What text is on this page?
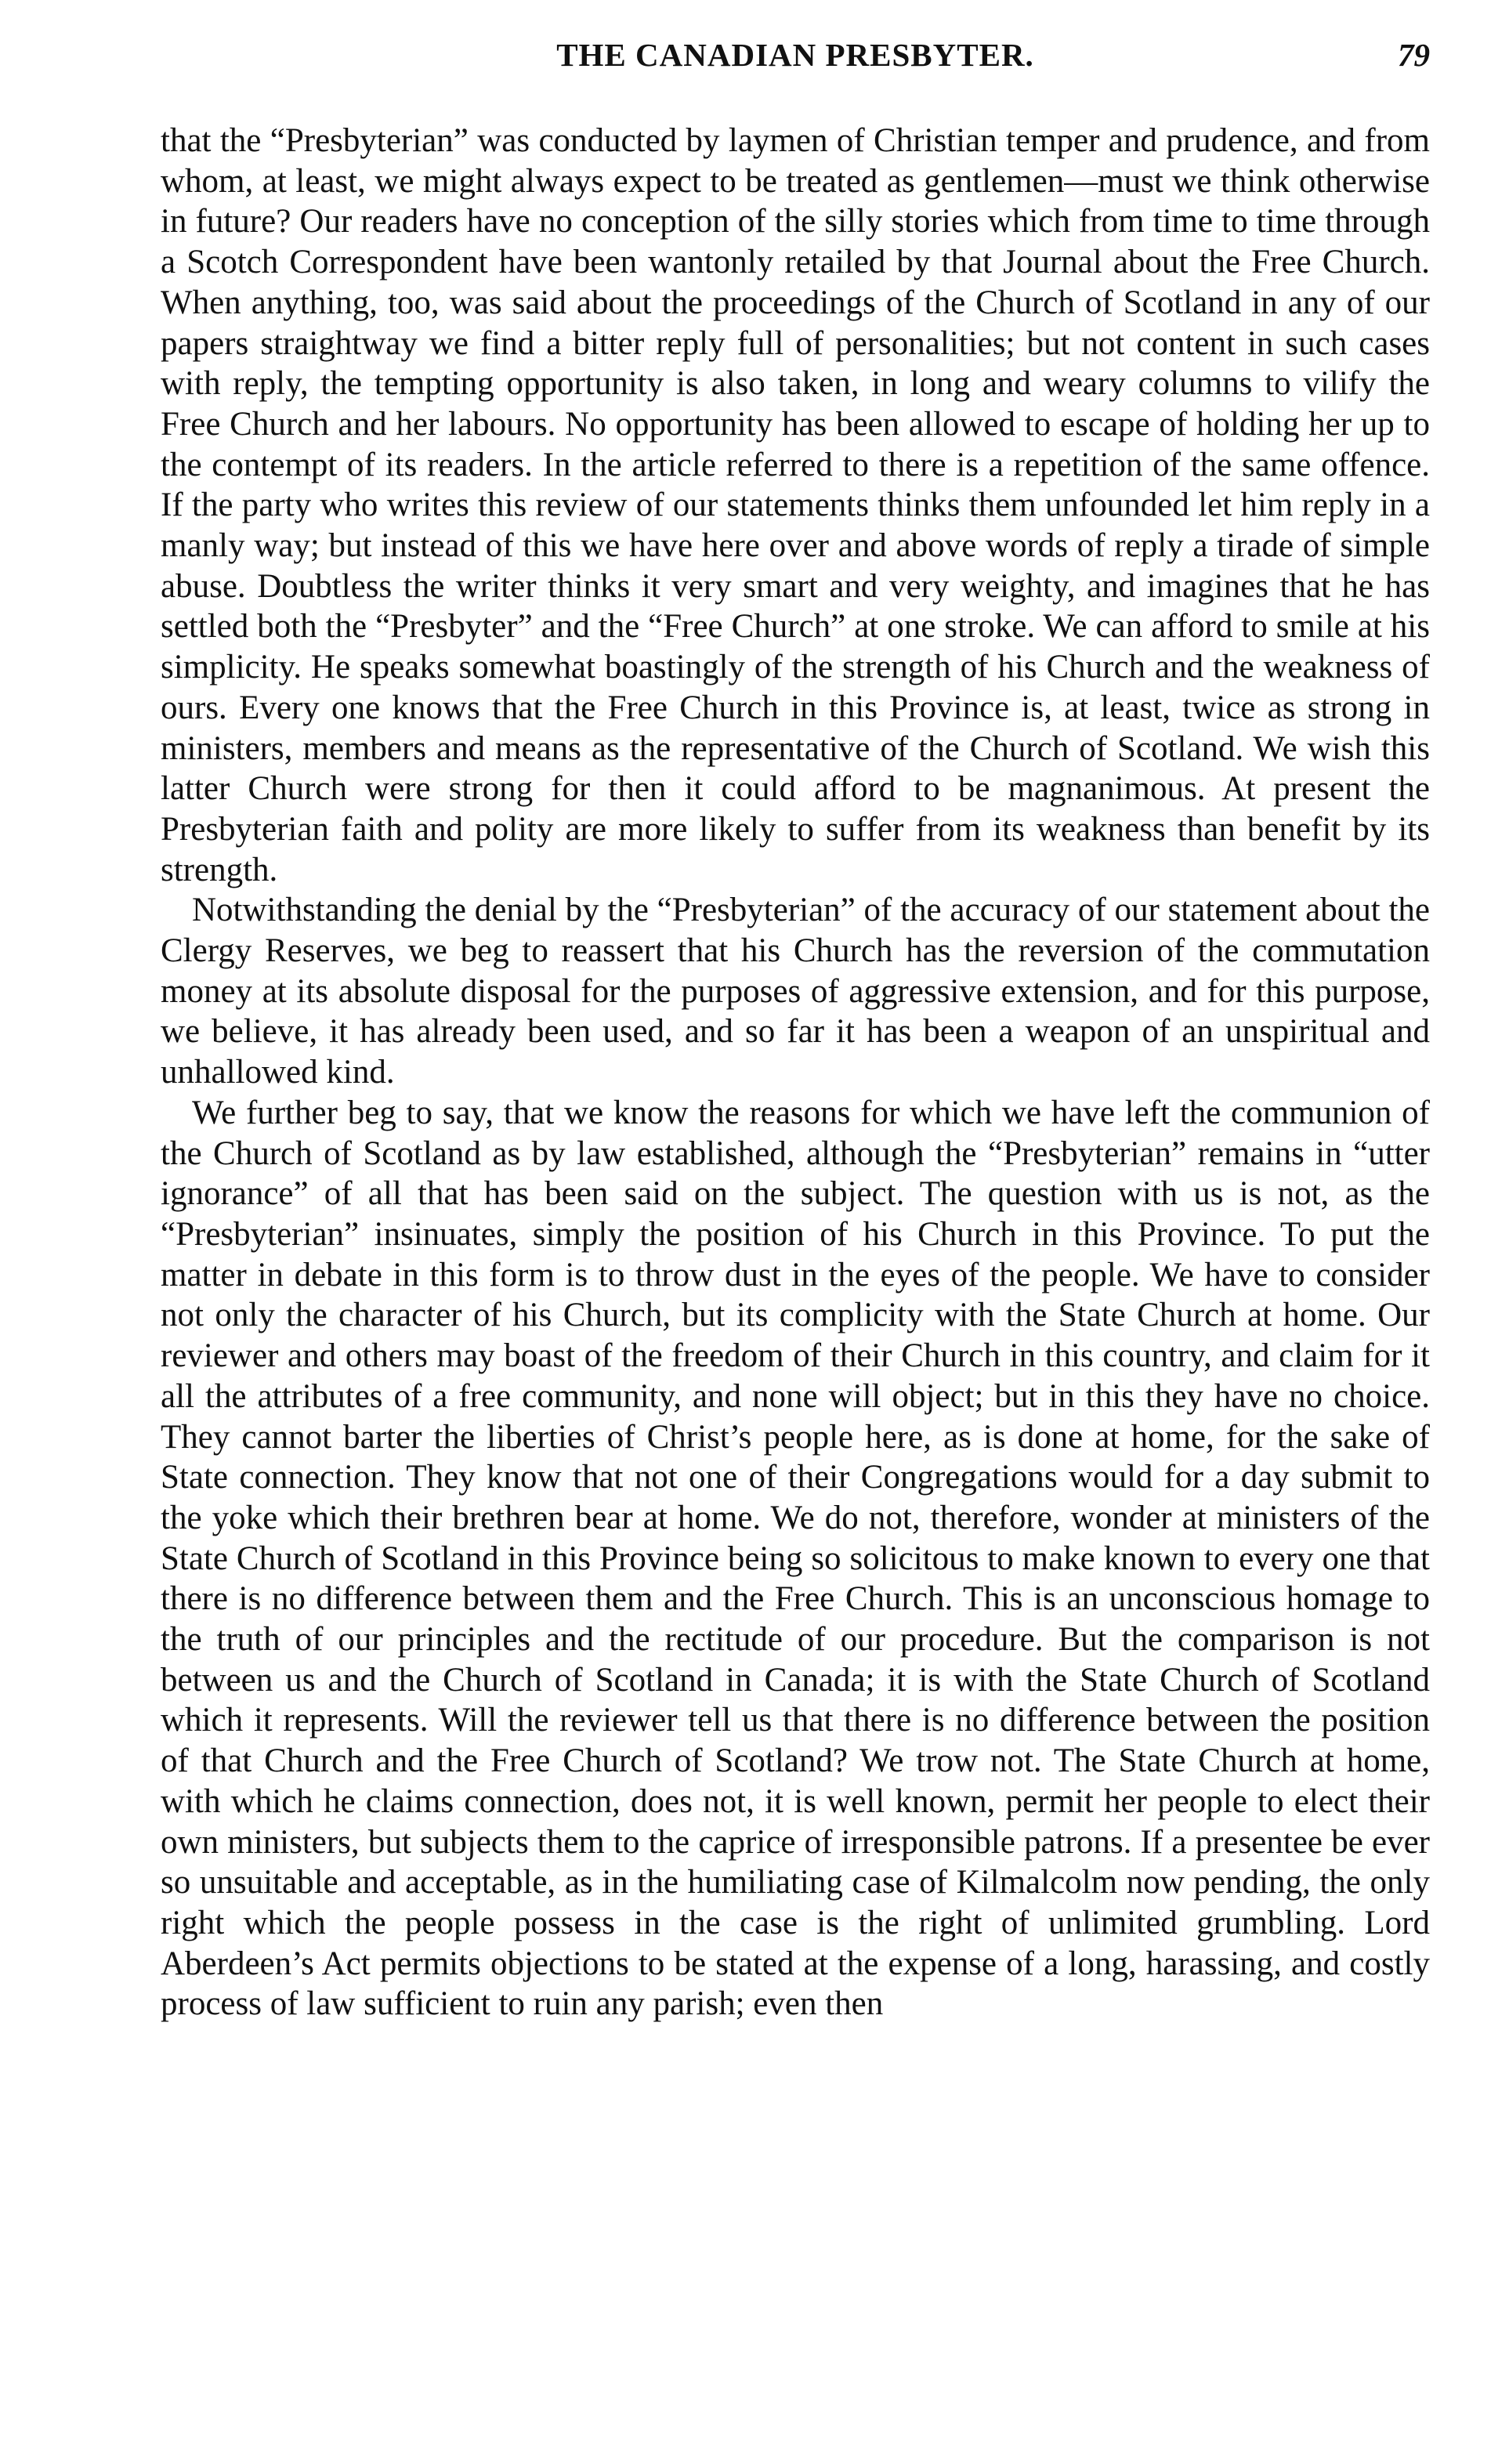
THE CANADIAN PRESBYTER.	79

that the “Presbyterian” was conducted by laymen of Christian temper and prudence, and from whom, at least, we might always expect to be treated as gentlemen—must we think otherwise in future? Our readers have no conception of the silly stories which from time to time through a Scotch Correspondent have been wantonly retailed by that Journal about the Free Church. When anything, too, was said about the proceedings of the Church of Scotland in any of our papers straightway we find a bitter reply full of personalities; but not content in such cases with reply, the tempting opportunity is also taken, in long and weary columns to vilify the Free Church and her labours. No opportunity has been allowed to escape of holding her up to the contempt of its readers. In the article referred to there is a repetition of the same offence. If the party who writes this review of our statements thinks them unfounded let him reply in a manly way; but instead of this we have here over and above words of reply a tirade of simple abuse. Doubtless the writer thinks it very smart and very weighty, and imagines that he has settled both the “Presbyter” and the “Free Church” at one stroke. We can afford to smile at his simplicity. He speaks somewhat boastingly of the strength of his Church and the weakness of ours. Every one knows that the Free Church in this Province is, at least, twice as strong in ministers, members and means as the representative of the Church of Scotland. We wish this latter Church were strong for then it could afford to be magnanimous. At present the Presbyterian faith and polity are more likely to suffer from its weakness than benefit by its strength.

Notwithstanding the denial by the “Presbyterian” of the accuracy of our statement about the Clergy Reserves, we beg to reassert that his Church has the reversion of the commutation money at its absolute disposal for the purposes of aggressive extension, and for this purpose, we believe, it has already been used, and so far it has been a weapon of an unspiritual and unhallowed kind.

We further beg to say, that we know the reasons for which we have left the communion of the Church of Scotland as by law established, although the “Presbyterian” remains in “utter ignorance” of all that has been said on the subject. The question with us is not, as the “Presbyterian” insinuates, simply the position of his Church in this Province. To put the matter in debate in this form is to throw dust in the eyes of the people. We have to consider not only the character of his Church, but its complicity with the State Church at home. Our reviewer and others may boast of the freedom of their Church in this country, and claim for it all the attributes of a free community, and none will object; but in this they have no choice. They cannot barter the liberties of Christ’s people here, as is done at home, for the sake of State connection. They know that not one of their Congregations would for a day submit to the yoke which their brethren bear at home. We do not, therefore, wonder at ministers of the State Church of Scotland in this Province being so solicitous to make known to every one that there is no difference between them and the Free Church. This is an unconscious homage to the truth of our principles and the rectitude of our procedure. But the comparison is not between us and the Church of Scotland in Canada; it is with the State Church of Scotland which it represents. Will the reviewer tell us that there is no difference between the position of that Church and the Free Church of Scotland? We trow not. The State Church at home, with which he claims connection, does not, it is well known, permit her people to elect their own ministers, but subjects them to the caprice of irresponsible patrons. If a presentee be ever so unsuitable and acceptable, as in the humiliating case of Kilmalcolm now pending, the only right which the people possess in the case is the right of unlimited grumbling. Lord Aberdeen’s Act permits objections to be stated at the expense of a long, harassing, and costly process of law sufficient to ruin any parish; even then
